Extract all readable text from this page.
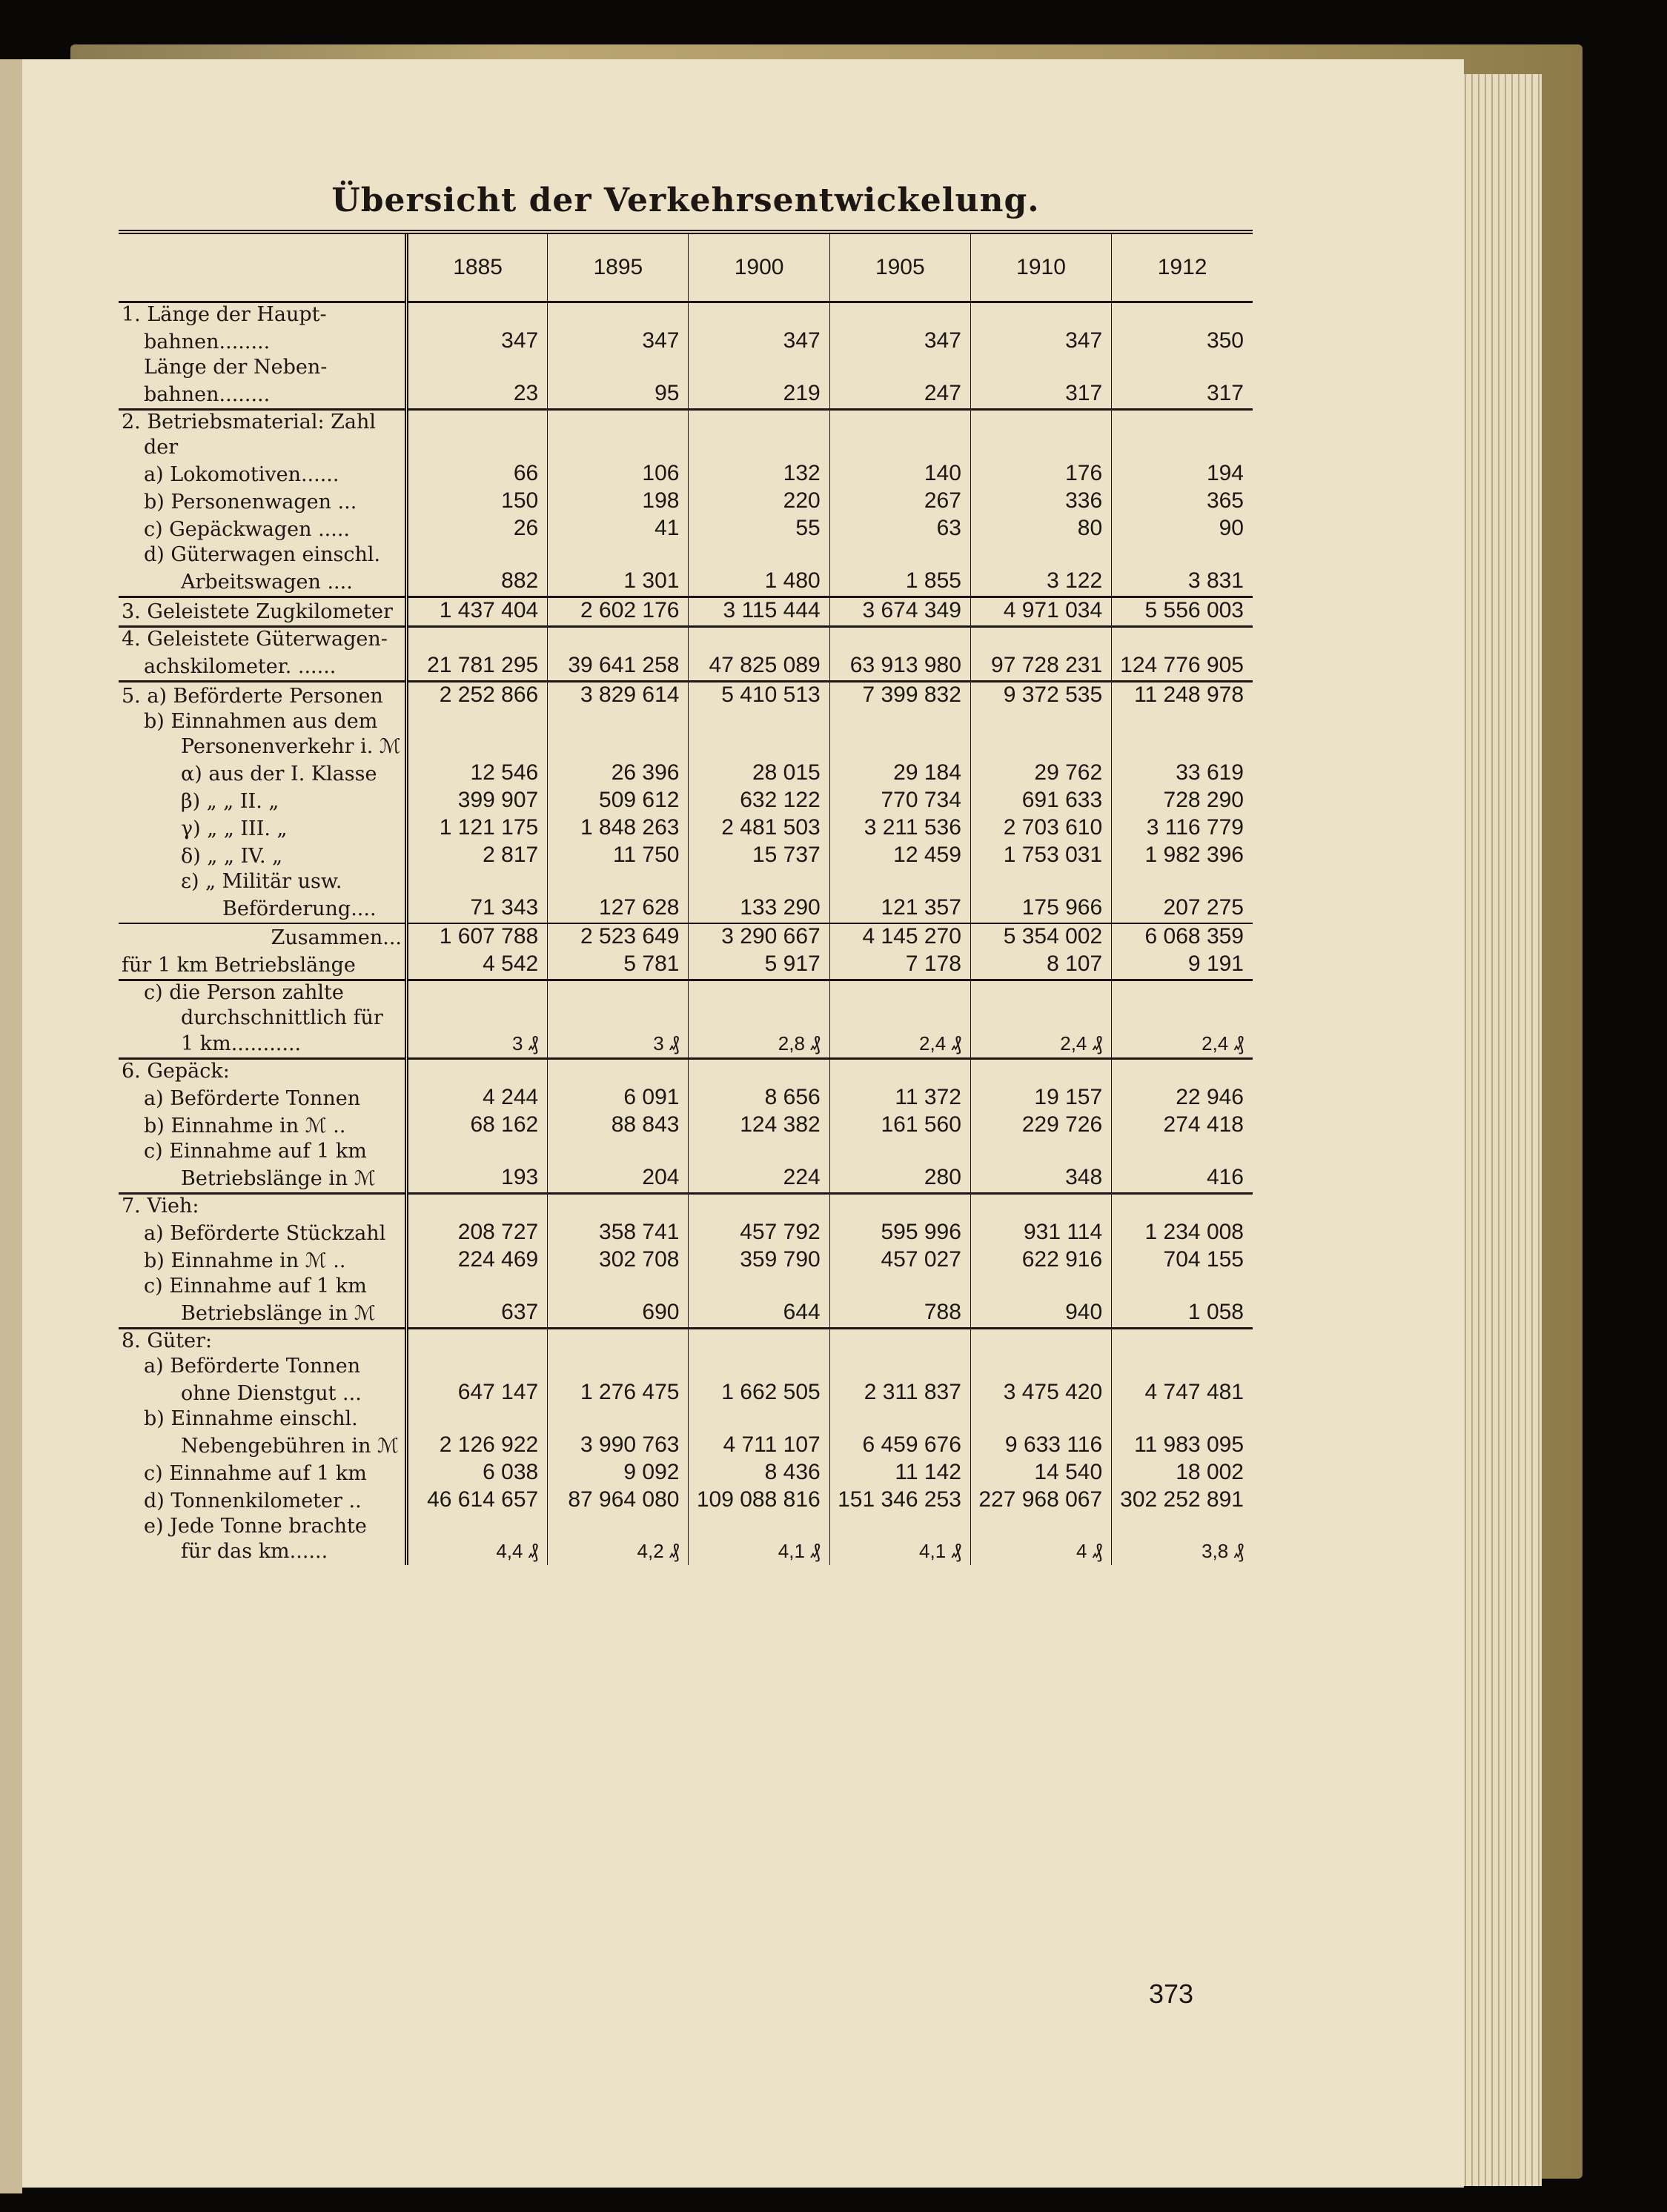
Übersicht der Verkehrsentwickelung.
	1885	1895	1900	1905	1910	1912
1. Länge der Haupt-						
bahnen........	347	347	347	347	347	350
Länge der Neben-						
bahnen........	23	95	219	247	317	317
2. Betriebsmaterial: Zahl						
der						
a) Lokomotiven......	66	106	132	140	176	194
b) Personenwagen ...	150	198	220	267	336	365
c) Gepäckwagen .....	26	41	55	63	80	90
d) Güterwagen einschl.						
Arbeitswagen ....	882	1 301	1 480	1 855	3 122	3 831
3. Geleistete Zugkilometer	1 437 404	2 602 176	3 115 444	3 674 349	4 971 034	5 556 003
4. Geleistete Güterwagen-						
achskilometer. ......	21 781 295	39 641 258	47 825 089	63 913 980	97 728 231	124 776 905
5. a) Beförderte Personen	2 252 866	3 829 614	5 410 513	7 399 832	9 372 535	11 248 978
b) Einnahmen aus dem						
Personenverkehr i. ℳ						
α) aus der I. Klasse	12 546	26 396	28 015	29 184	29 762	33 619
β) „ „ II. „	399 907	509 612	632 122	770 734	691 633	728 290
γ) „ „ III. „	1 121 175	1 848 263	2 481 503	3 211 536	2 703 610	3 116 779
δ) „ „ IV. „	2 817	11 750	15 737	12 459	1 753 031	1 982 396
ε) „ Militär usw.						
Beförderung....	71 343	127 628	133 290	121 357	175 966	207 275
Zusammen...	1 607 788	2 523 649	3 290 667	4 145 270	5 354 002	6 068 359
für 1 km Betriebslänge	4 542	5 781	5 917	7 178	8 107	9 191
c) die Person zahlte						
durchschnittlich für						
1 km...........	3 ₰	3 ₰	2,8 ₰	2,4 ₰	2,4 ₰	2,4 ₰
6. Gepäck:						
a) Beförderte Tonnen	4 244	6 091	8 656	11 372	19 157	22 946
b) Einnahme in ℳ ..	68 162	88 843	124 382	161 560	229 726	274 418
c) Einnahme auf 1 km						
Betriebslänge in ℳ	193	204	224	280	348	416
7. Vieh:						
a) Beförderte Stückzahl	208 727	358 741	457 792	595 996	931 114	1 234 008
b) Einnahme in ℳ ..	224 469	302 708	359 790	457 027	622 916	704 155
c) Einnahme auf 1 km						
Betriebslänge in ℳ	637	690	644	788	940	1 058
8. Güter:						
a) Beförderte Tonnen						
ohne Dienstgut ...	647 147	1 276 475	1 662 505	2 311 837	3 475 420	4 747 481
b) Einnahme einschl.						
Nebengebühren in ℳ	2 126 922	3 990 763	4 711 107	6 459 676	9 633 116	11 983 095
c) Einnahme auf 1 km	6 038	9 092	8 436	11 142	14 540	18 002
d) Tonnenkilometer ..	46 614 657	87 964 080	109 088 816	151 346 253	227 968 067	302 252 891
e) Jede Tonne brachte						
für das km......	4,4 ₰	4,2 ₰	4,1 ₰	4,1 ₰	4 ₰	3,8 ₰
373
